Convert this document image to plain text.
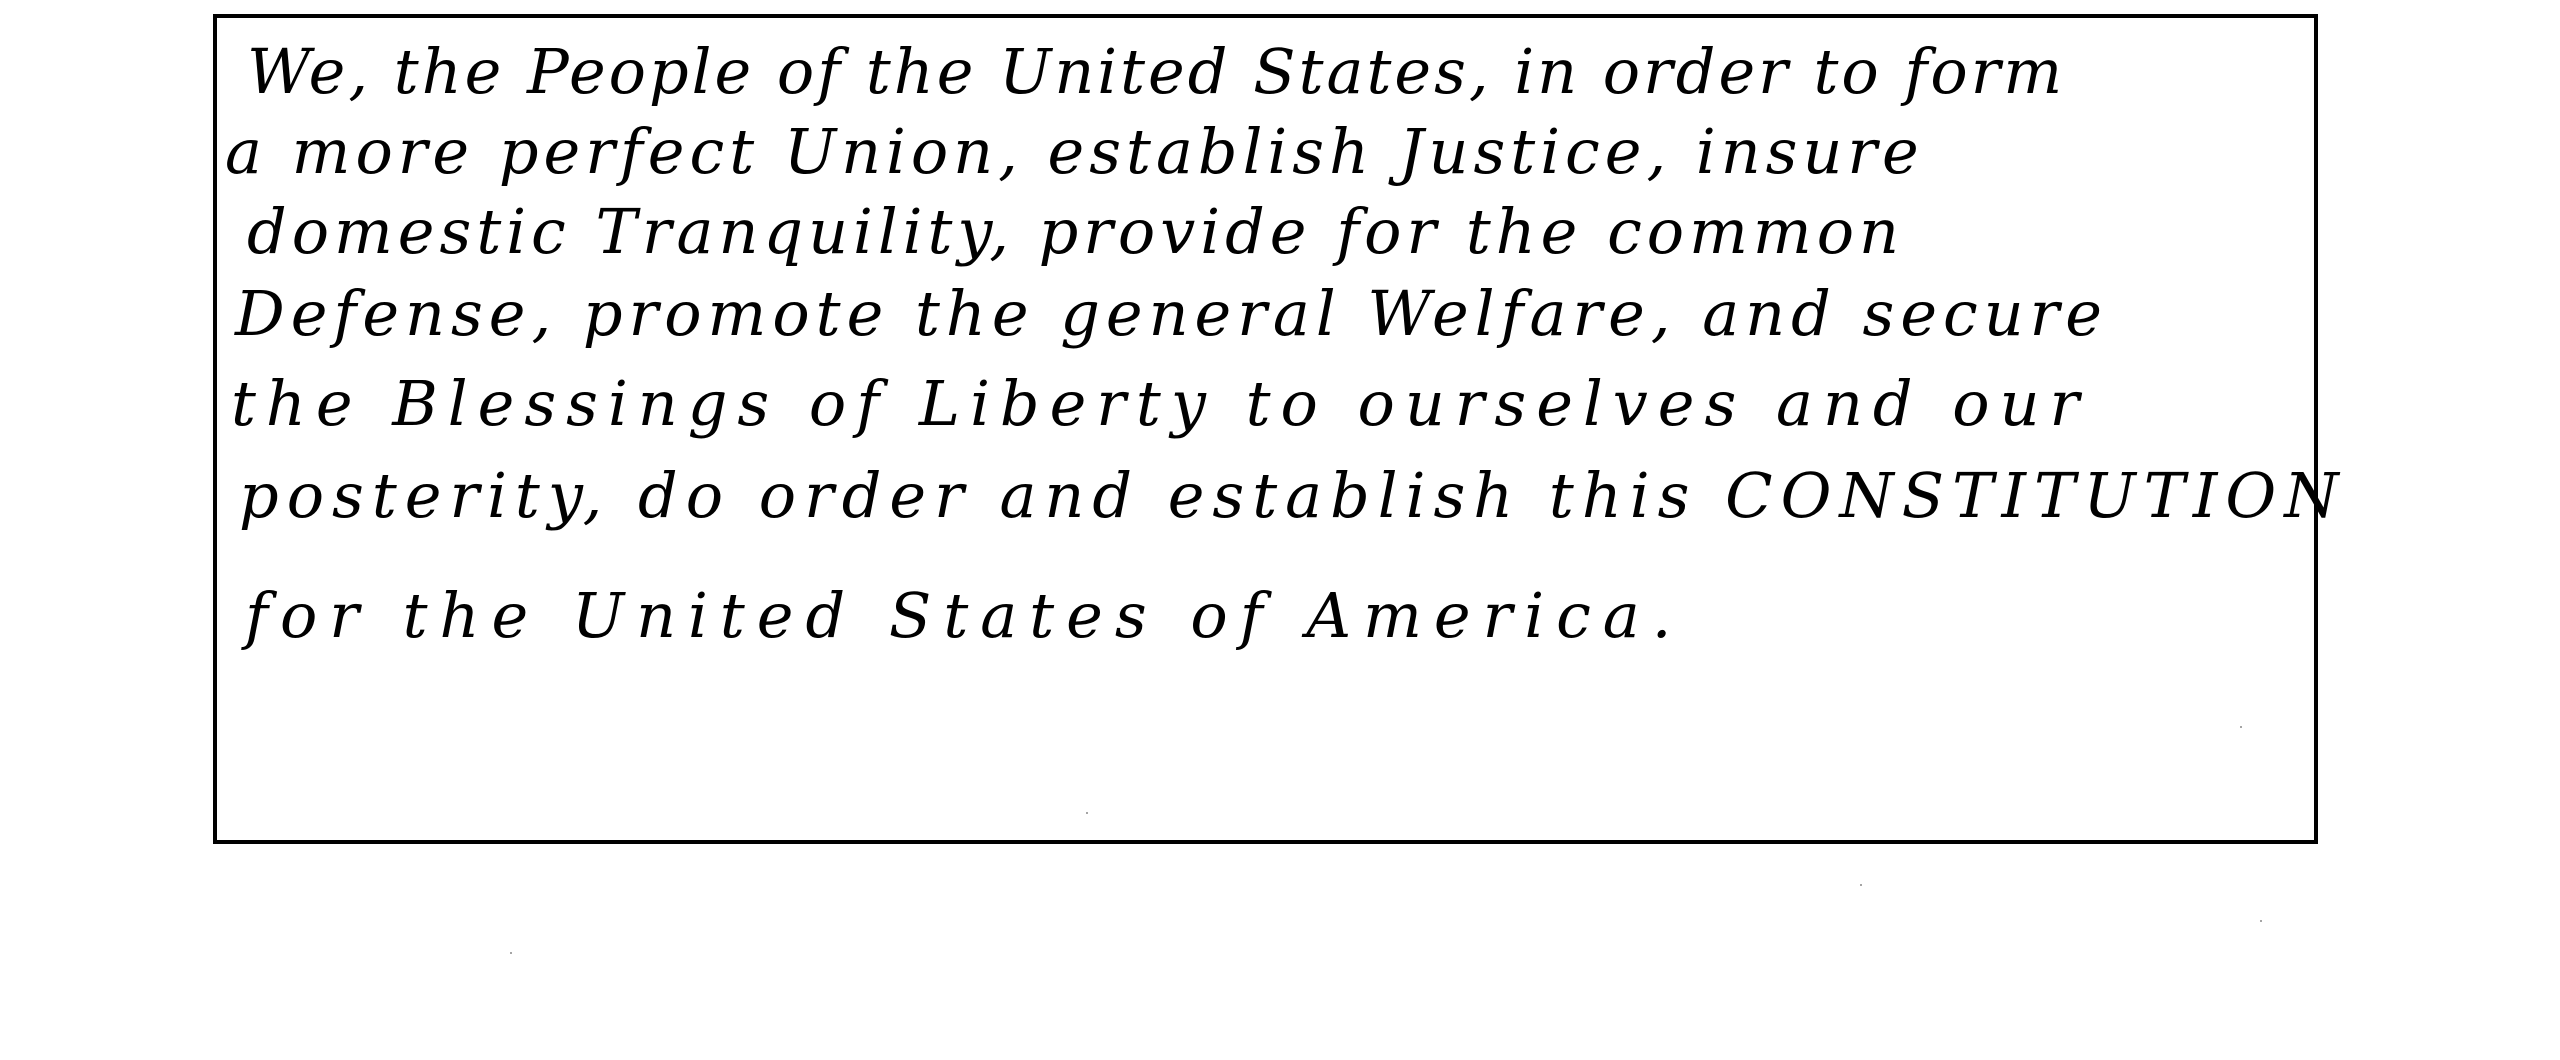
We, the People of the United States, in order to form
a more perfect Union, establish Justice, insure
domestic Tranquility, provide for the common
Defense, promote the general Welfare, and secure
the Blessings of Liberty to ourselves and our
posterity, do order and establish this CONSTITUTION
for the United States of America.
